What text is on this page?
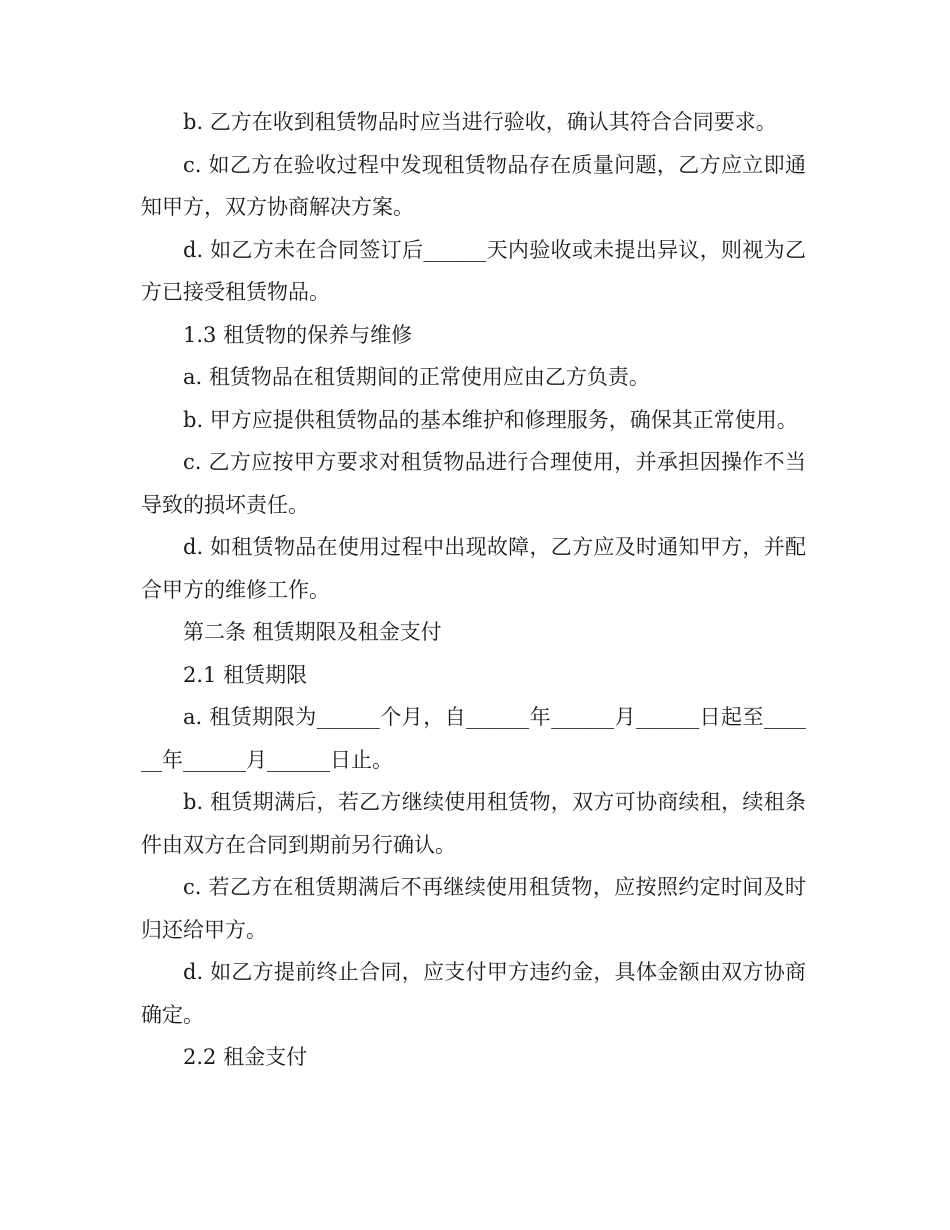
b. 乙方在收到租赁物品时应当进行验收，确认其符合合同要求。

c. 如乙方在验收过程中发现租赁物品存在质量问题，乙方应立即通知甲方，双方协商解决方案。

d. 如乙方未在合同签订后______天内验收或未提出异议，则视为乙方已接受租赁物品。

1.3 租赁物的保养与维修

a. 租赁物品在租赁期间的正常使用应由乙方负责。

b. 甲方应提供租赁物品的基本维护和修理服务，确保其正常使用。

c. 乙方应按甲方要求对租赁物品进行合理使用，并承担因操作不当导致的损坏责任。

d. 如租赁物品在使用过程中出现故障，乙方应及时通知甲方，并配合甲方的维修工作。

第二条 租赁期限及租金支付

2.1 租赁期限

a. 租赁期限为______个月，自______年______月______日起至______年______月______日止。

b. 租赁期满后，若乙方继续使用租赁物，双方可协商续租，续租条件由双方在合同到期前另行确认。

c. 若乙方在租赁期满后不再继续使用租赁物，应按照约定时间及时归还给甲方。

d. 如乙方提前终止合同，应支付甲方违约金，具体金额由双方协商确定。

2.2 租金支付
